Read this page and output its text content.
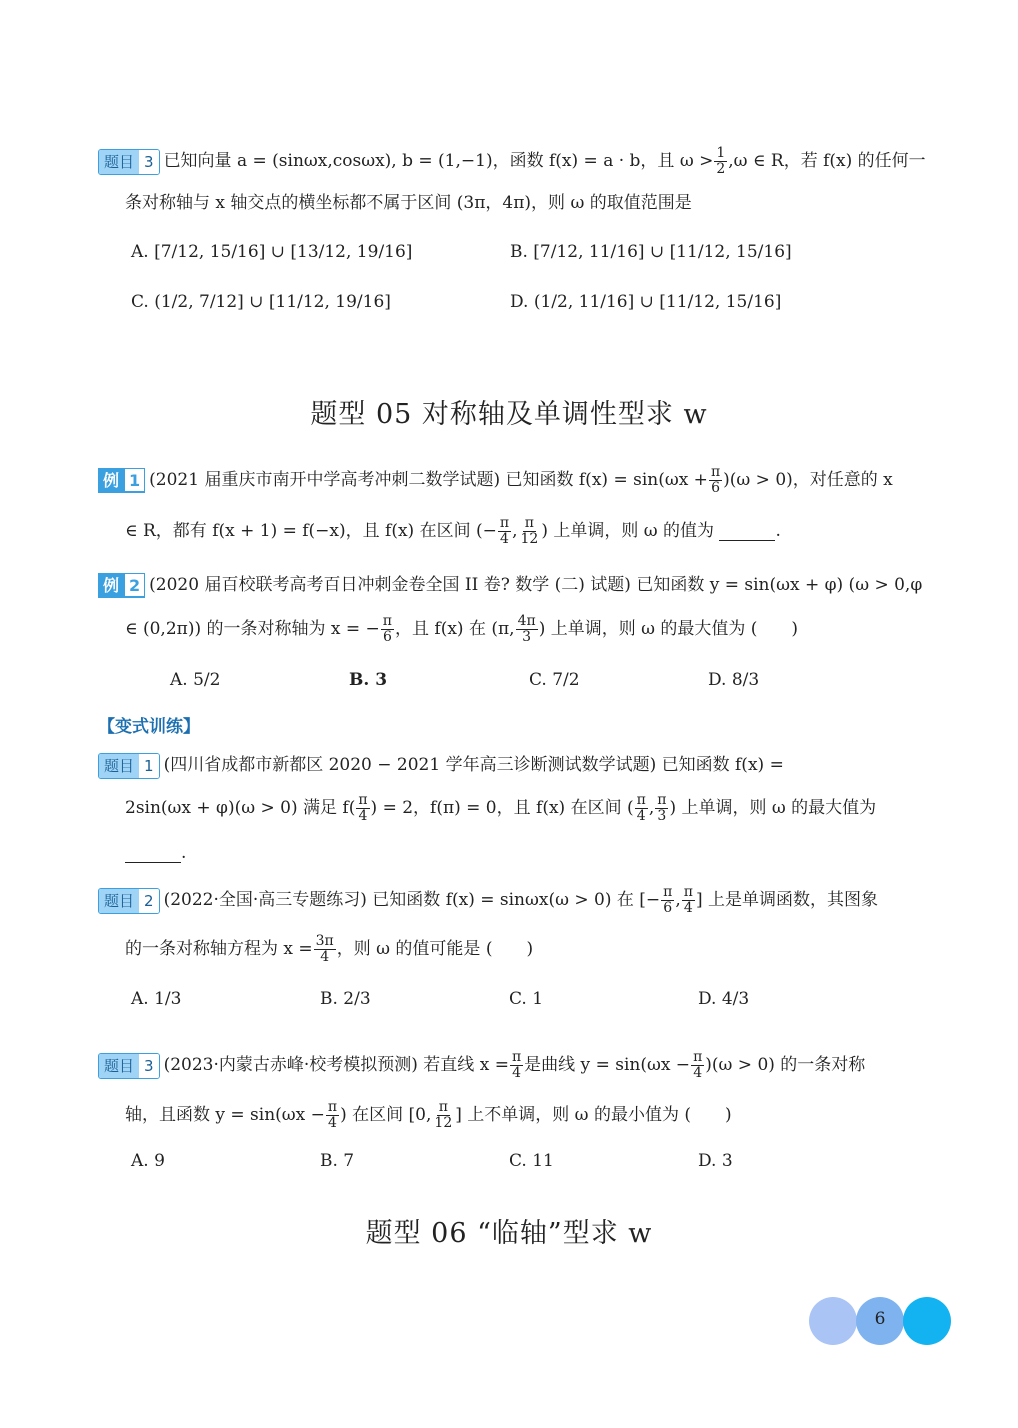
题目 3 已知向量 a = (sinωx,cosωx), b = (1,−1)，函数 f(x) = a · b，且 $\omega > \frac{1}{2} ,\omega$ ∈ R，若 f(x) 的任何一
条对称轴与 x 轴交点的横坐标都不属于区间 (3π，4π)，则 ω 的取值范围是
A. [7/12, 15/16] ∪ [13/12, 19/16]	B. [7/12, 11/16] ∪ [11/12, 15/16]
C. (1/2, 7/12] ∪ [11/12, 19/16]	D. (1/2, 11/16] ∪ [11/12, 15/16]
题型 05 对称轴及单调性型求 w
例 1 (2021 届重庆市南开中学高考冲刺二数学试题) 已知函数 $f(x) = \sin(\omega x + \frac{\pi}{6} )(\omega > 0)$，对任意的 x
∈ R，都有 f(x + 1) = f(−x)，且 f(x) 在区间 (− $\frac{\pi}{4}$ , $\frac{\pi}{12}$ ) 上单调，则 ω 的值为	.
例 2 (2020 届百校联考高考百日冲刺金卷全国 II 卷? 数学 (二) 试题) 已知函数 y = sin(ωx + φ) (ω > 0,φ
∈ (0,2π)) 的一条对称轴为 x = − $\frac{\pi}{6}$ ，且 f(x) 在 (π, $\frac{4\pi}{3}$ ) 上单调，则 ω 的最大值为 (　　)
A. 5/2	B. 3	C. 7/2	D. 8/3
【变式训练】
题目 1 (四川省成都市新都区 2020 − 2021 学年高三诊断测试数学试题) 已知函数 f(x) =
2sin(ωx + φ)(ω > 0) 满足 $f( \frac{\pi}{4}$ ) = 2，f(π) = 0，且 f(x) 在区间 ( $\frac{\pi}{4}$ , $\frac{\pi}{3}$ ) 上单调，则 ω 的最大值为
.
题目 2 (2022·全国·高三专题练习) 已知函数 f(x) = sinωx(ω > 0) 在 [− $\frac{\pi}{6}$ , $\frac{\pi}{4}$ ] 上是单调函数，其图象
的一条对称轴方程为 $x = \frac{3\pi}{4}$ ，则 ω 的值可能是 (　　)
A. 1/3	B. 2/3	C. 1	D. 4/3
题目 3 (2023·内蒙古赤峰·校考模拟预测) 若直线 $x = \frac{\pi}{4}$ 是曲线 $y = \sin(\omega x - \frac{\pi}{4} )(\omega > 0)$ 的一条对称
轴，且函数 $y = \sin(\omega x - \frac{\pi}{4}$ ) 在区间 [0, $\frac{\pi}{12}$ ] 上不单调，则 ω 的最小值为 (　　)
A. 9	B. 7	C. 11	D. 3
题型 06 “临轴”型求 w
6
